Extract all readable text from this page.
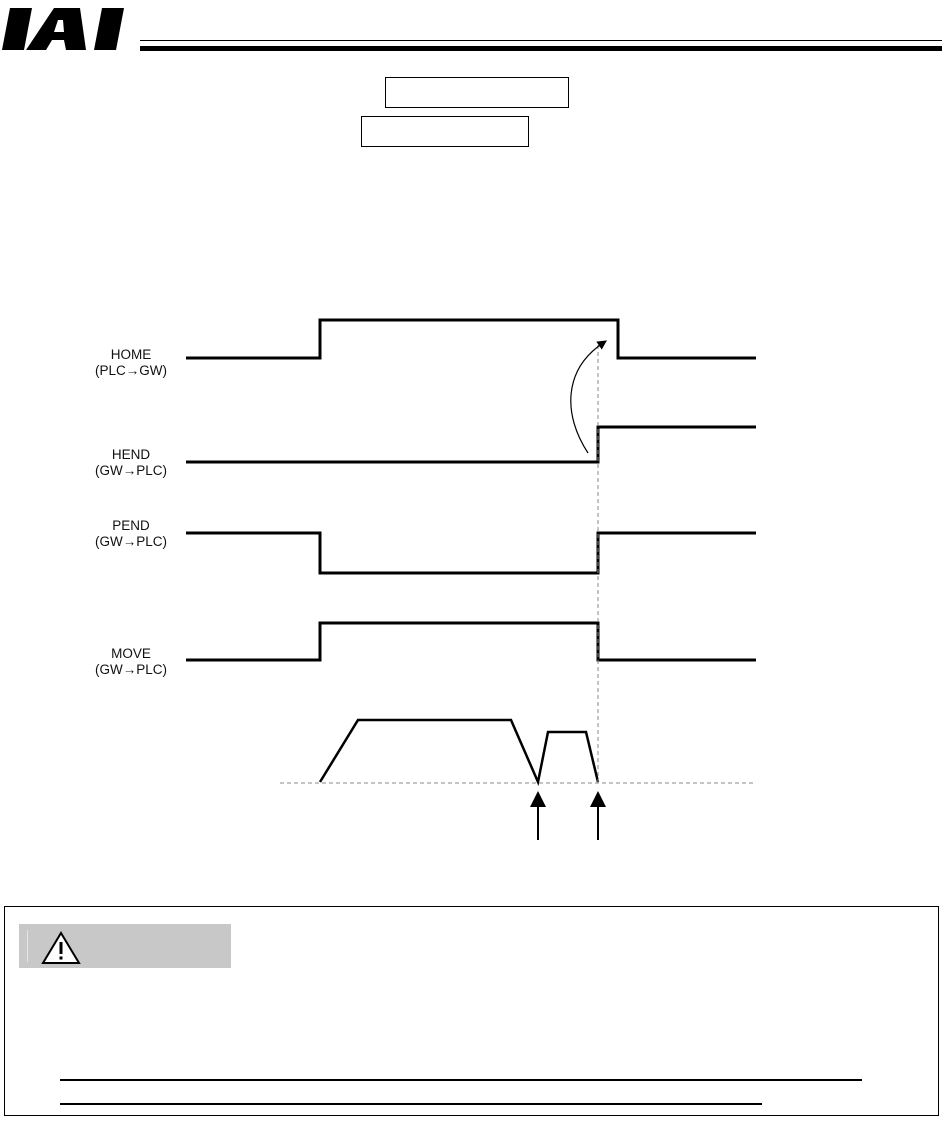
HOME
(PLC→GW)
HEND
(GW→PLC)
PEND
(GW→PLC)
MOVE
(GW→PLC)
